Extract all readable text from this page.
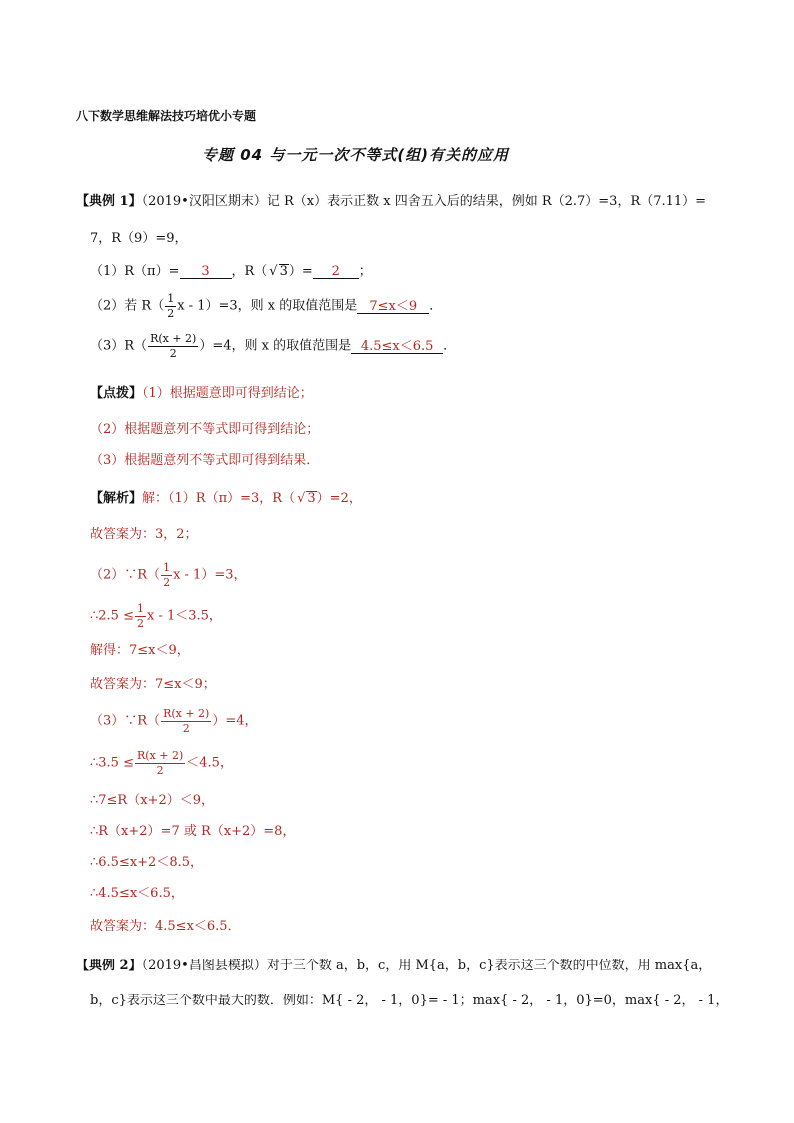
八下数学思维解法技巧培优小专题
专题 04 与一元一次不等式(组)有关的应用
【典例 1】（2019•汉阳区期末）记 R（x）表示正数 x 四舍五入后的结果，例如 R（2.7）=3，R（7.11）=
7，R（9）=9，
（1）R（π）= 3 ，R（ √ 3）= 2 ；
（2）若 $R( \frac{1}{2}$ x - 1）=3，则 x 的取值范围是 7≤x＜9 ．
$(3)R( \frac{R(x + 2)}{2} )=4$，则 x 的取值范围是 4.5≤x＜6.5 ．
【点拨】（1）根据题意即可得到结论；
（2）根据题意列不等式即可得到结论；
（3）根据题意列不等式即可得到结果．
【解析】解：（1）R（π）=3，R（ √ 3）=2，
故答案为：3，2；
（2）∵R（ $\frac{1}{2}$ x - 1）=3，
∴2.5 ≤ $\frac{1}{2}$ x - 1＜3.5，
解得：7≤x＜9，
故答案为：7≤x＜9；
（3）∵R（ $\frac{R(x + 2)}{2} )=4$，
∴3.5 ≤ $\frac{R(x + 2)}{2} <4.5$，
∴7≤R（x+2）＜9，
∴R（x+2）=7 或 R（x+2）=8，
∴6.5≤x+2＜8.5，
∴4.5≤x＜6.5，
故答案为：4.5≤x＜6.5．
【典例 2】（2019•昌图县模拟）对于三个数 a，b，c，用 M{a，b，c}表示这三个数的中位数，用 max{a，
b，c}表示这三个数中最大的数．例如：M{ - 2， - 1，0}= - 1；max{ - 2， - 1，0}=0，max{ - 2， - 1，
